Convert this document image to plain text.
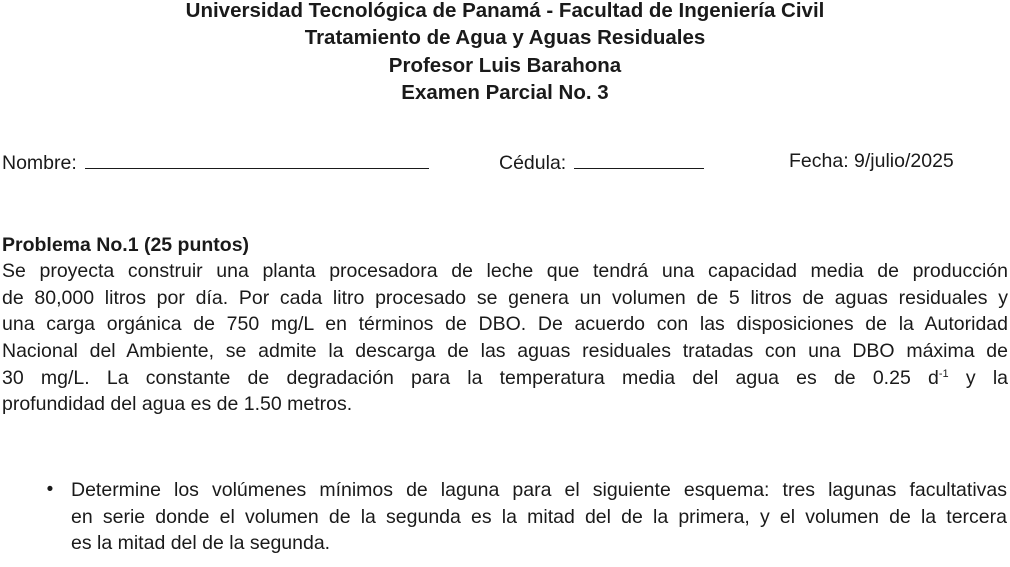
Universidad Tecnológica de Panamá - Facultad de Ingeniería Civil
Tratamiento de Agua y Aguas Residuales
Profesor Luis Barahona
Examen Parcial No. 3
Nombre:	Cédula:	Fecha: 9/julio/2025
Problema No.1 (25 puntos)
Se proyecta construir una planta procesadora de leche que tendrá una capacidad media de producción
de 80,000 litros por día. Por cada litro procesado se genera un volumen de 5 litros de aguas residuales y
una carga orgánica de 750 mg/L en términos de DBO. De acuerdo con las disposiciones de la Autoridad
Nacional del Ambiente, se admite la descarga de las aguas residuales tratadas con una DBO máxima de
30 mg/L. La constante de degradación para la temperatura media del agua es de 0.25 $d^{-1}$ y la
profundidad del agua es de 1.50 metros.
• Determine los volúmenes mínimos de laguna para el siguiente esquema: tres lagunas facultativas
en serie donde el volumen de la segunda es la mitad del de la primera, y el volumen de la tercera
es la mitad del de la segunda.
